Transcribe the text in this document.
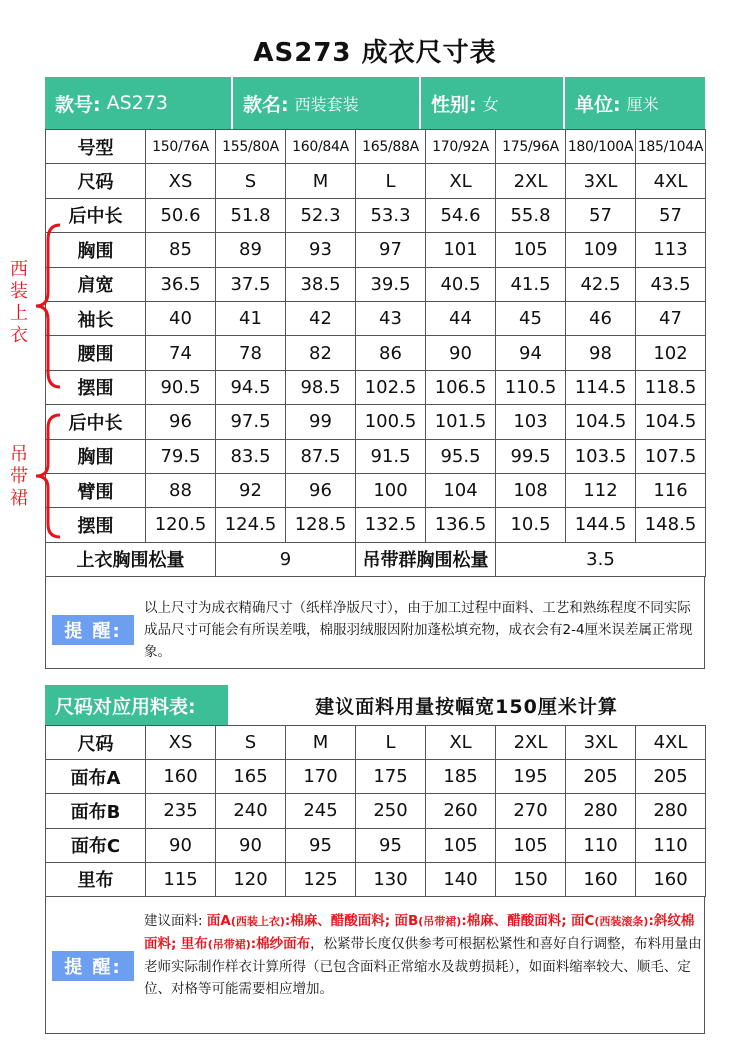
AS273 成衣尺寸表
款号: AS273	款名: 西装套装	性别: 女	单位: 厘米
号型	150/76A	155/80A	160/84A	165/88A	170/92A	175/96A	180/100A	185/104A
尺码	XS	S	M	L	XL	2XL	3XL	4XL
后中长	50.6	51.8	52.3	53.3	54.6	55.8	57	57
胸围	85	89	93	97	101	105	109	113
肩宽	36.5	37.5	38.5	39.5	40.5	41.5	42.5	43.5
袖长	40	41	42	43	44	45	46	47
腰围	74	78	82	86	90	94	98	102
摆围	90.5	94.5	98.5	102.5	106.5	110.5	114.5	118.5
后中长	96	97.5	99	100.5	101.5	103	104.5	104.5
胸围	79.5	83.5	87.5	91.5	95.5	99.5	103.5	107.5
臂围	88	92	96	100	104	108	112	116
摆围	120.5	124.5	128.5	132.5	136.5	10.5	144.5	148.5
上衣胸围松量		9		吊带群胸围松量		3.5		
西装上衣
吊带裙
提 醒:
以上尺寸为成衣精确尺寸（纸样净版尺寸），由于加工过程中面料、工艺和熟练程度不同实际成品尺寸可能会有所误差哦，棉服羽绒服因附加蓬松填充物，成衣会有2-4厘米误差属正常现象。
尺码对应用料表:	建议面料用量按幅宽150厘米计算
尺码	XS	S	M	L	XL	2XL	3XL	4XL
面布A	160	165	170	175	185	195	205	205
面布B	235	240	245	250	260	270	280	280
面布C	90	90	95	95	105	105	110	110
里布	115	120	125	130	140	150	160	160
提 醒:
建议面料: 面A(西装上衣):棉麻、醋酸面料; 面B(吊带裙):棉麻、醋酸面料; 面C(西装滚条):斜纹棉面料; 里布(吊带裙):棉纱面布，松紧带长度仅供参考可根据松紧性和喜好自行调整，布料用量由老师实际制作样衣计算所得（已包含面料正常缩水及裁剪损耗），如面料缩率较大、顺毛、定位、对格等可能需要相应增加。
